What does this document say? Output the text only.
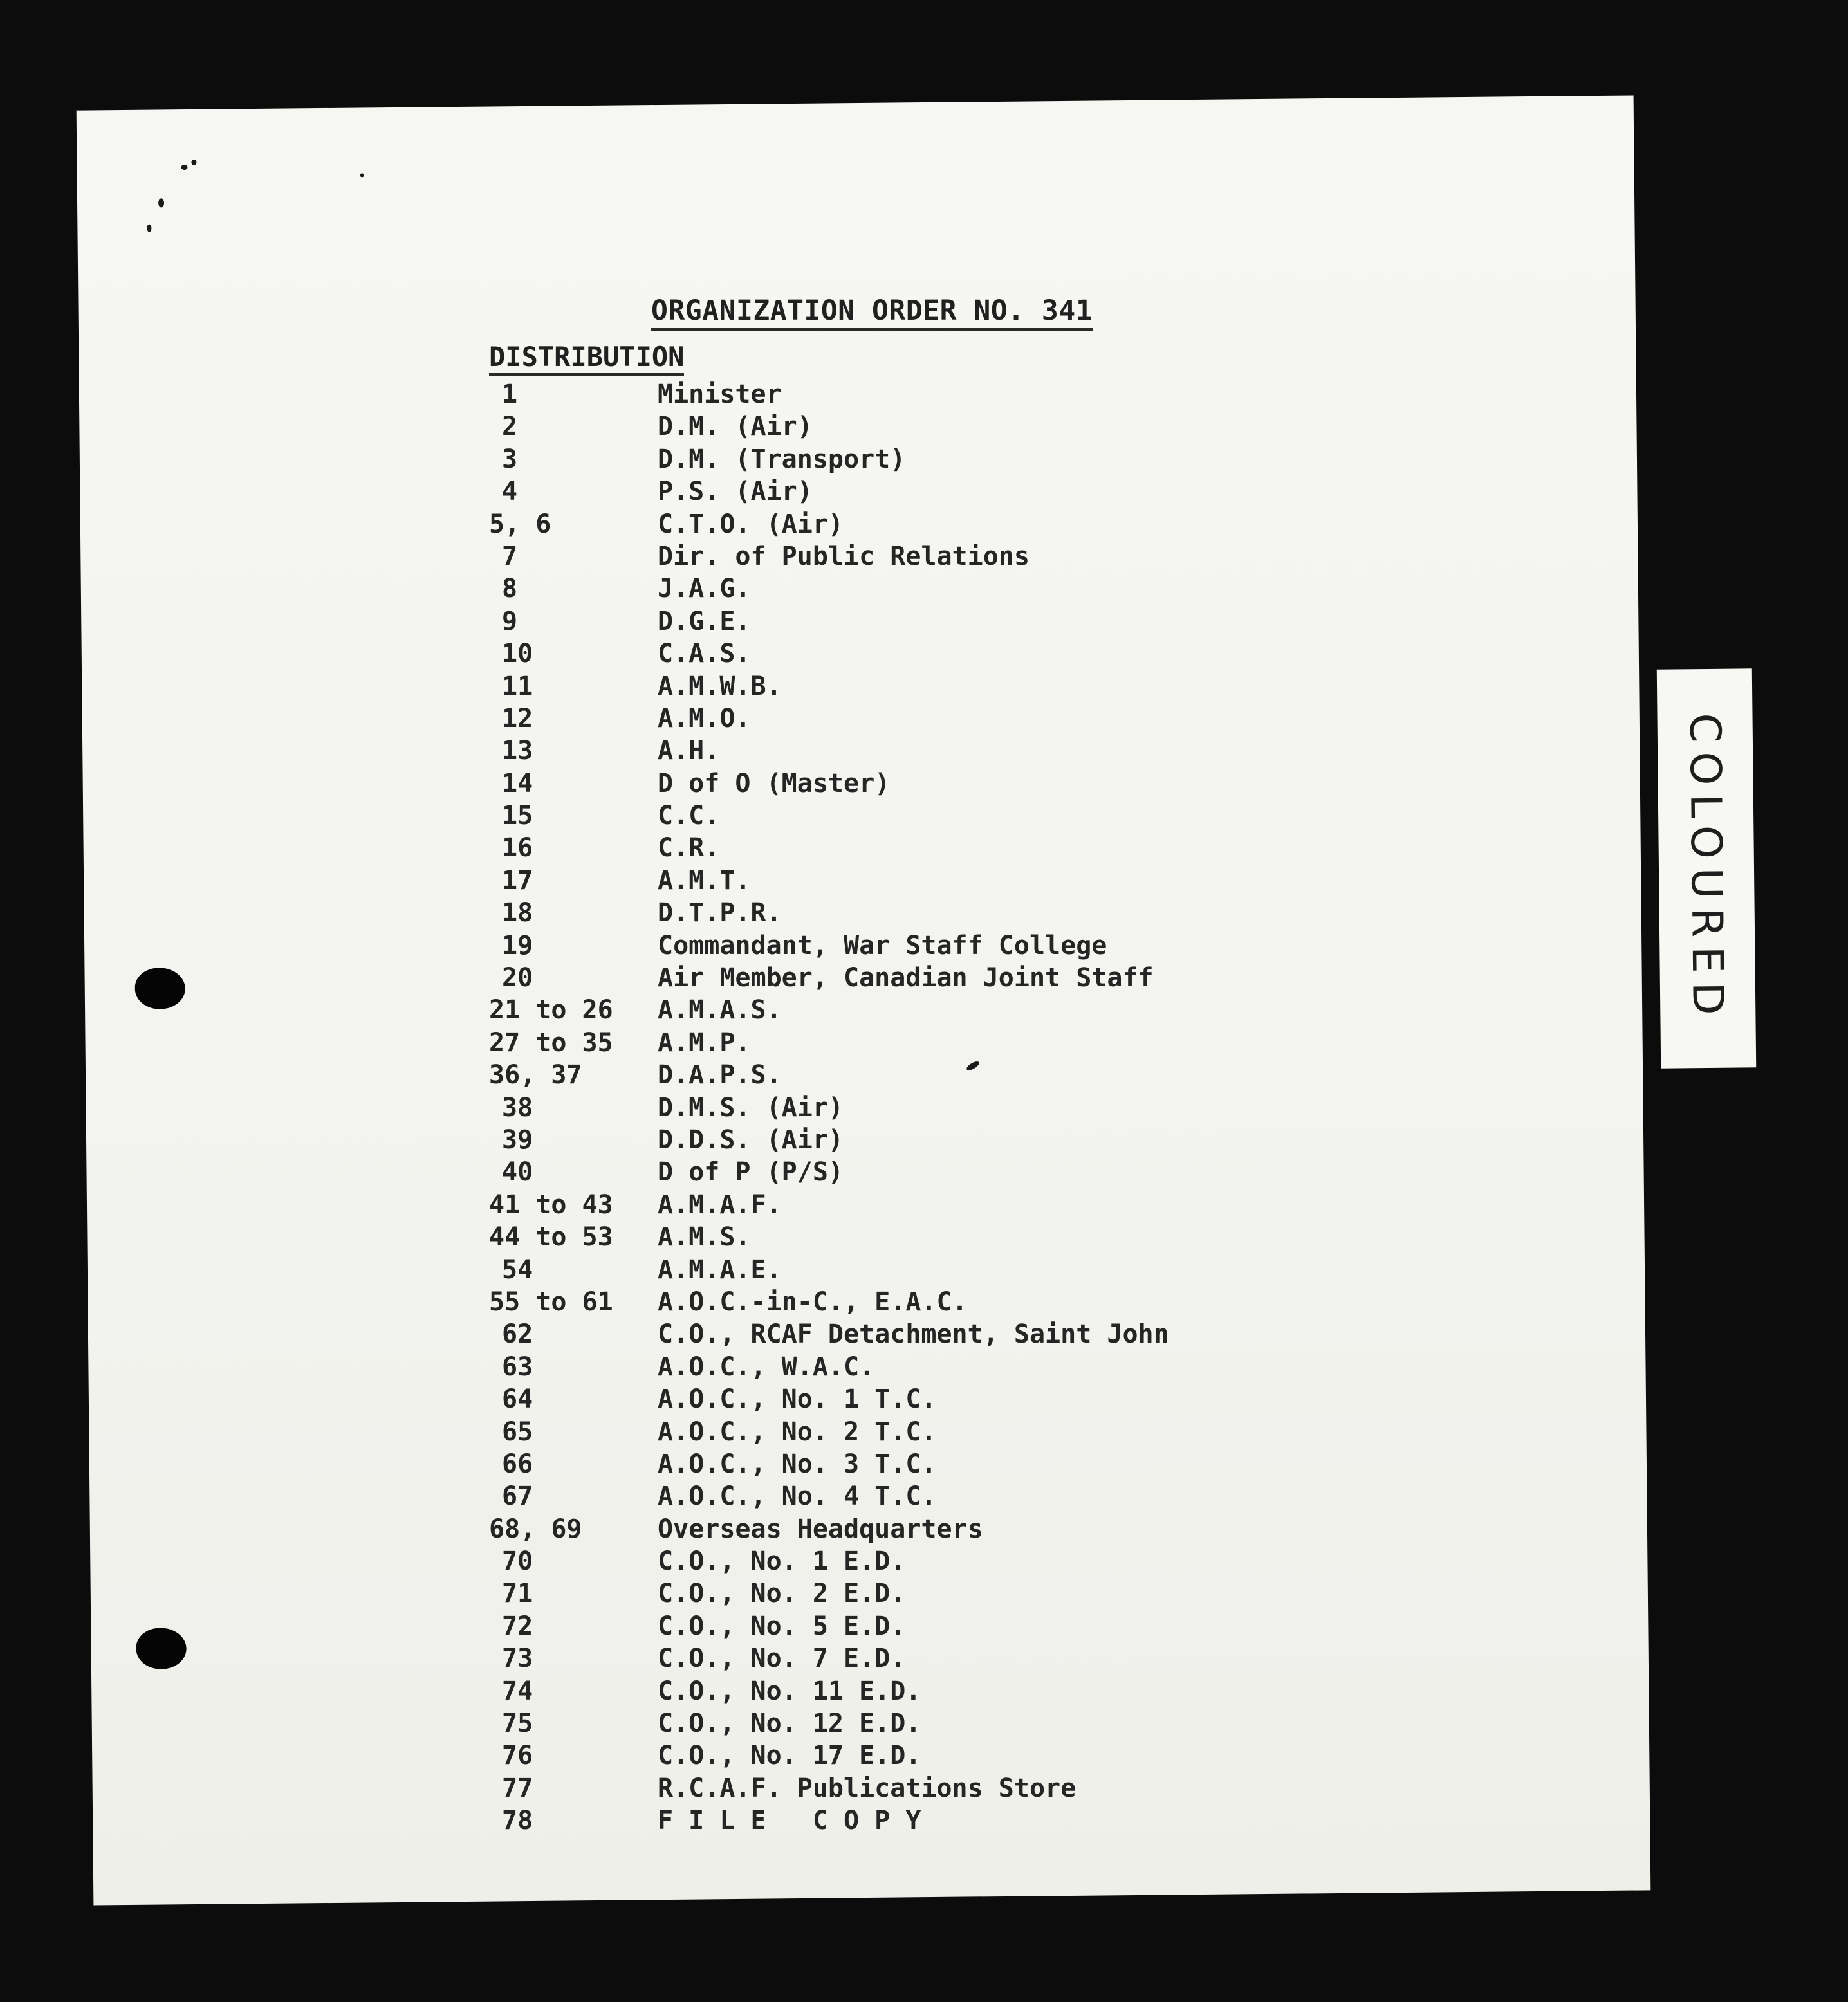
ORGANIZATION ORDER NO. 341
DISTRIBUTION
1	Minister
2	D.M. (Air)
3	D.M. (Transport)
4	P.S. (Air)
5, 6	C.T.O. (Air)
7	Dir. of Public Relations
8	J.A.G.
9	D.G.E.
10	C.A.S.
11	A.M.W.B.
12	A.M.O.
13	A.H.
14	D of O (Master)
15	C.C.
16	C.R.
17	A.M.T.
18	D.T.P.R.
19	Commandant, War Staff College
20	Air Member, Canadian Joint Staff
21 to 26 A.M.A.S.
27 to 35 A.M.P.
36, 37	D.A.P.S.
38	D.M.S. (Air)
39	D.D.S. (Air)
40	D of P (P/S)
41 to 43 A.M.A.F.
44 to 53 A.M.S.
54	A.M.A.E.
55 to 61 A.O.C.-in-C., E.A.C.
62	C.O., RCAF Detachment, Saint John
63	A.O.C., W.A.C.
64	A.O.C., No. 1 T.C.
65	A.O.C., No. 2 T.C.
66	A.O.C., No. 3 T.C.
67	A.O.C., No. 4 T.C.
68, 69	Overseas Headquarters
70	C.O., No. 1 E.D.
71	C.O., No. 2 E.D.
72	C.O., No. 5 E.D.
73	C.O., No. 7 E.D.
74	C.O., No. 11 E.D.
75	C.O., No. 12 E.D.
76	C.O., No. 17 E.D.
77	R.C.A.F. Publications Store
78	F I L E   C O P Y
COLOURED
